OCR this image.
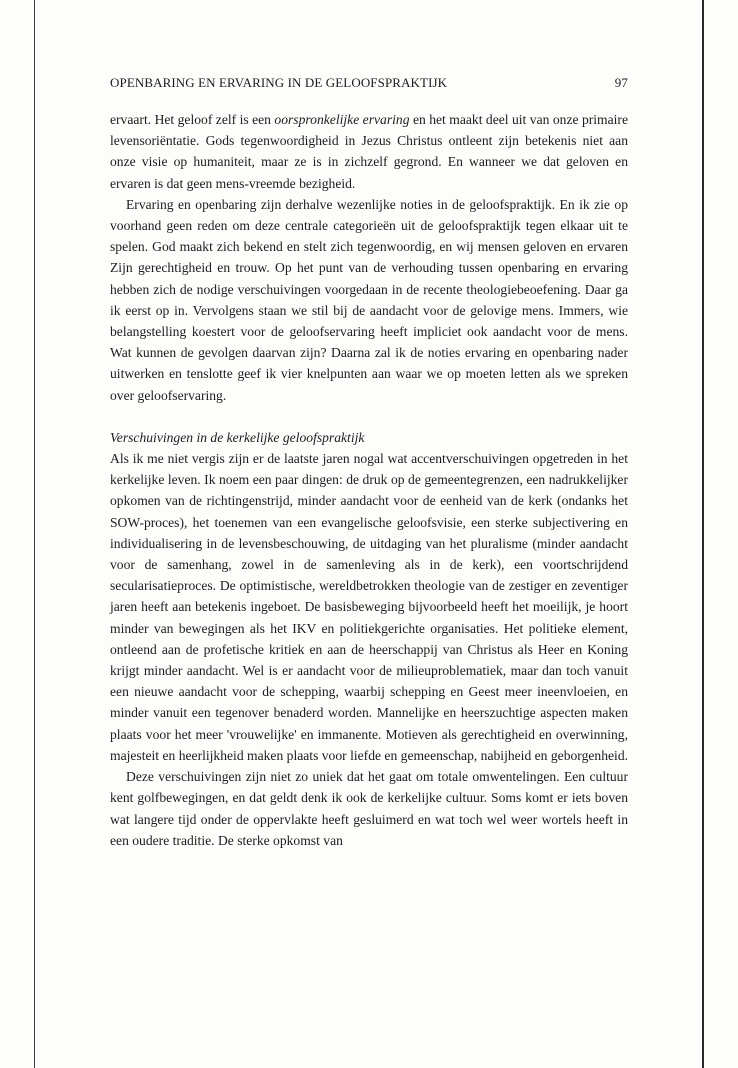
OPENBARING EN ERVARING IN DE GELOOFSPRAKTIJK	97

ervaart. Het geloof zelf is een oorspronkelijke ervaring en het maakt deel uit van onze primaire levensoriëntatie. Gods tegenwoordigheid in Jezus Christus ontleent zijn betekenis niet aan onze visie op humaniteit, maar ze is in zichzelf gegrond. En wanneer we dat geloven en ervaren is dat geen mens-vreemde bezigheid.

Ervaring en openbaring zijn derhalve wezenlijke noties in de geloofspraktijk. En ik zie op voorhand geen reden om deze centrale categorieën uit de geloofspraktijk tegen elkaar uit te spelen. God maakt zich bekend en stelt zich tegenwoordig, en wij mensen geloven en ervaren Zijn gerechtigheid en trouw. Op het punt van de verhouding tussen openbaring en ervaring hebben zich de nodige verschuivingen voorgedaan in de recente theologiebeoefening. Daar ga ik eerst op in. Vervolgens staan we stil bij de aandacht voor de gelovige mens. Immers, wie belangstelling koestert voor de geloofservaring heeft impliciet ook aandacht voor de mens. Wat kunnen de gevolgen daarvan zijn? Daarna zal ik de noties ervaring en openbaring nader uitwerken en tenslotte geef ik vier knelpunten aan waar we op moeten letten als we spreken over geloofservaring.

Verschuivingen in de kerkelijke geloofspraktijk

Als ik me niet vergis zijn er de laatste jaren nogal wat accentverschuivingen opgetreden in het kerkelijke leven. Ik noem een paar dingen: de druk op de gemeentegrenzen, een nadrukkelijker opkomen van de richtingenstrijd, minder aandacht voor de eenheid van de kerk (ondanks het SOW-proces), het toenemen van een evangelische geloofsvisie, een sterke subjectivering en individualisering in de levensbeschouwing, de uitdaging van het pluralisme (minder aandacht voor de samenhang, zowel in de samenleving als in de kerk), een voortschrijdend secularisatieproces. De optimistische, wereldbetrokken theologie van de zestiger en zeventiger jaren heeft aan betekenis ingeboet. De basisbeweging bijvoorbeeld heeft het moeilijk, je hoort minder van bewegingen als het IKV en politiekgerichte organisaties. Het politieke element, ontleend aan de profetische kritiek en aan de heerschappij van Christus als Heer en Koning krijgt minder aandacht. Wel is er aandacht voor de milieuproblematiek, maar dan toch vanuit een nieuwe aandacht voor de schepping, waarbij schepping en Geest meer ineenvloeien, en minder vanuit een tegenover benaderd worden. Mannelijke en heerszuchtige aspecten maken plaats voor het meer 'vrouwelijke' en immanente. Motieven als gerechtigheid en overwinning, majesteit en heerlijkheid maken plaats voor liefde en gemeenschap, nabijheid en geborgenheid.

Deze verschuivingen zijn niet zo uniek dat het gaat om totale omwentelingen. Een cultuur kent golfbewegingen, en dat geldt denk ik ook de kerkelijke cultuur. Soms komt er iets boven wat langere tijd onder de oppervlakte heeft gesluimerd en wat toch wel weer wortels heeft in een oudere traditie. De sterke opkomst van
